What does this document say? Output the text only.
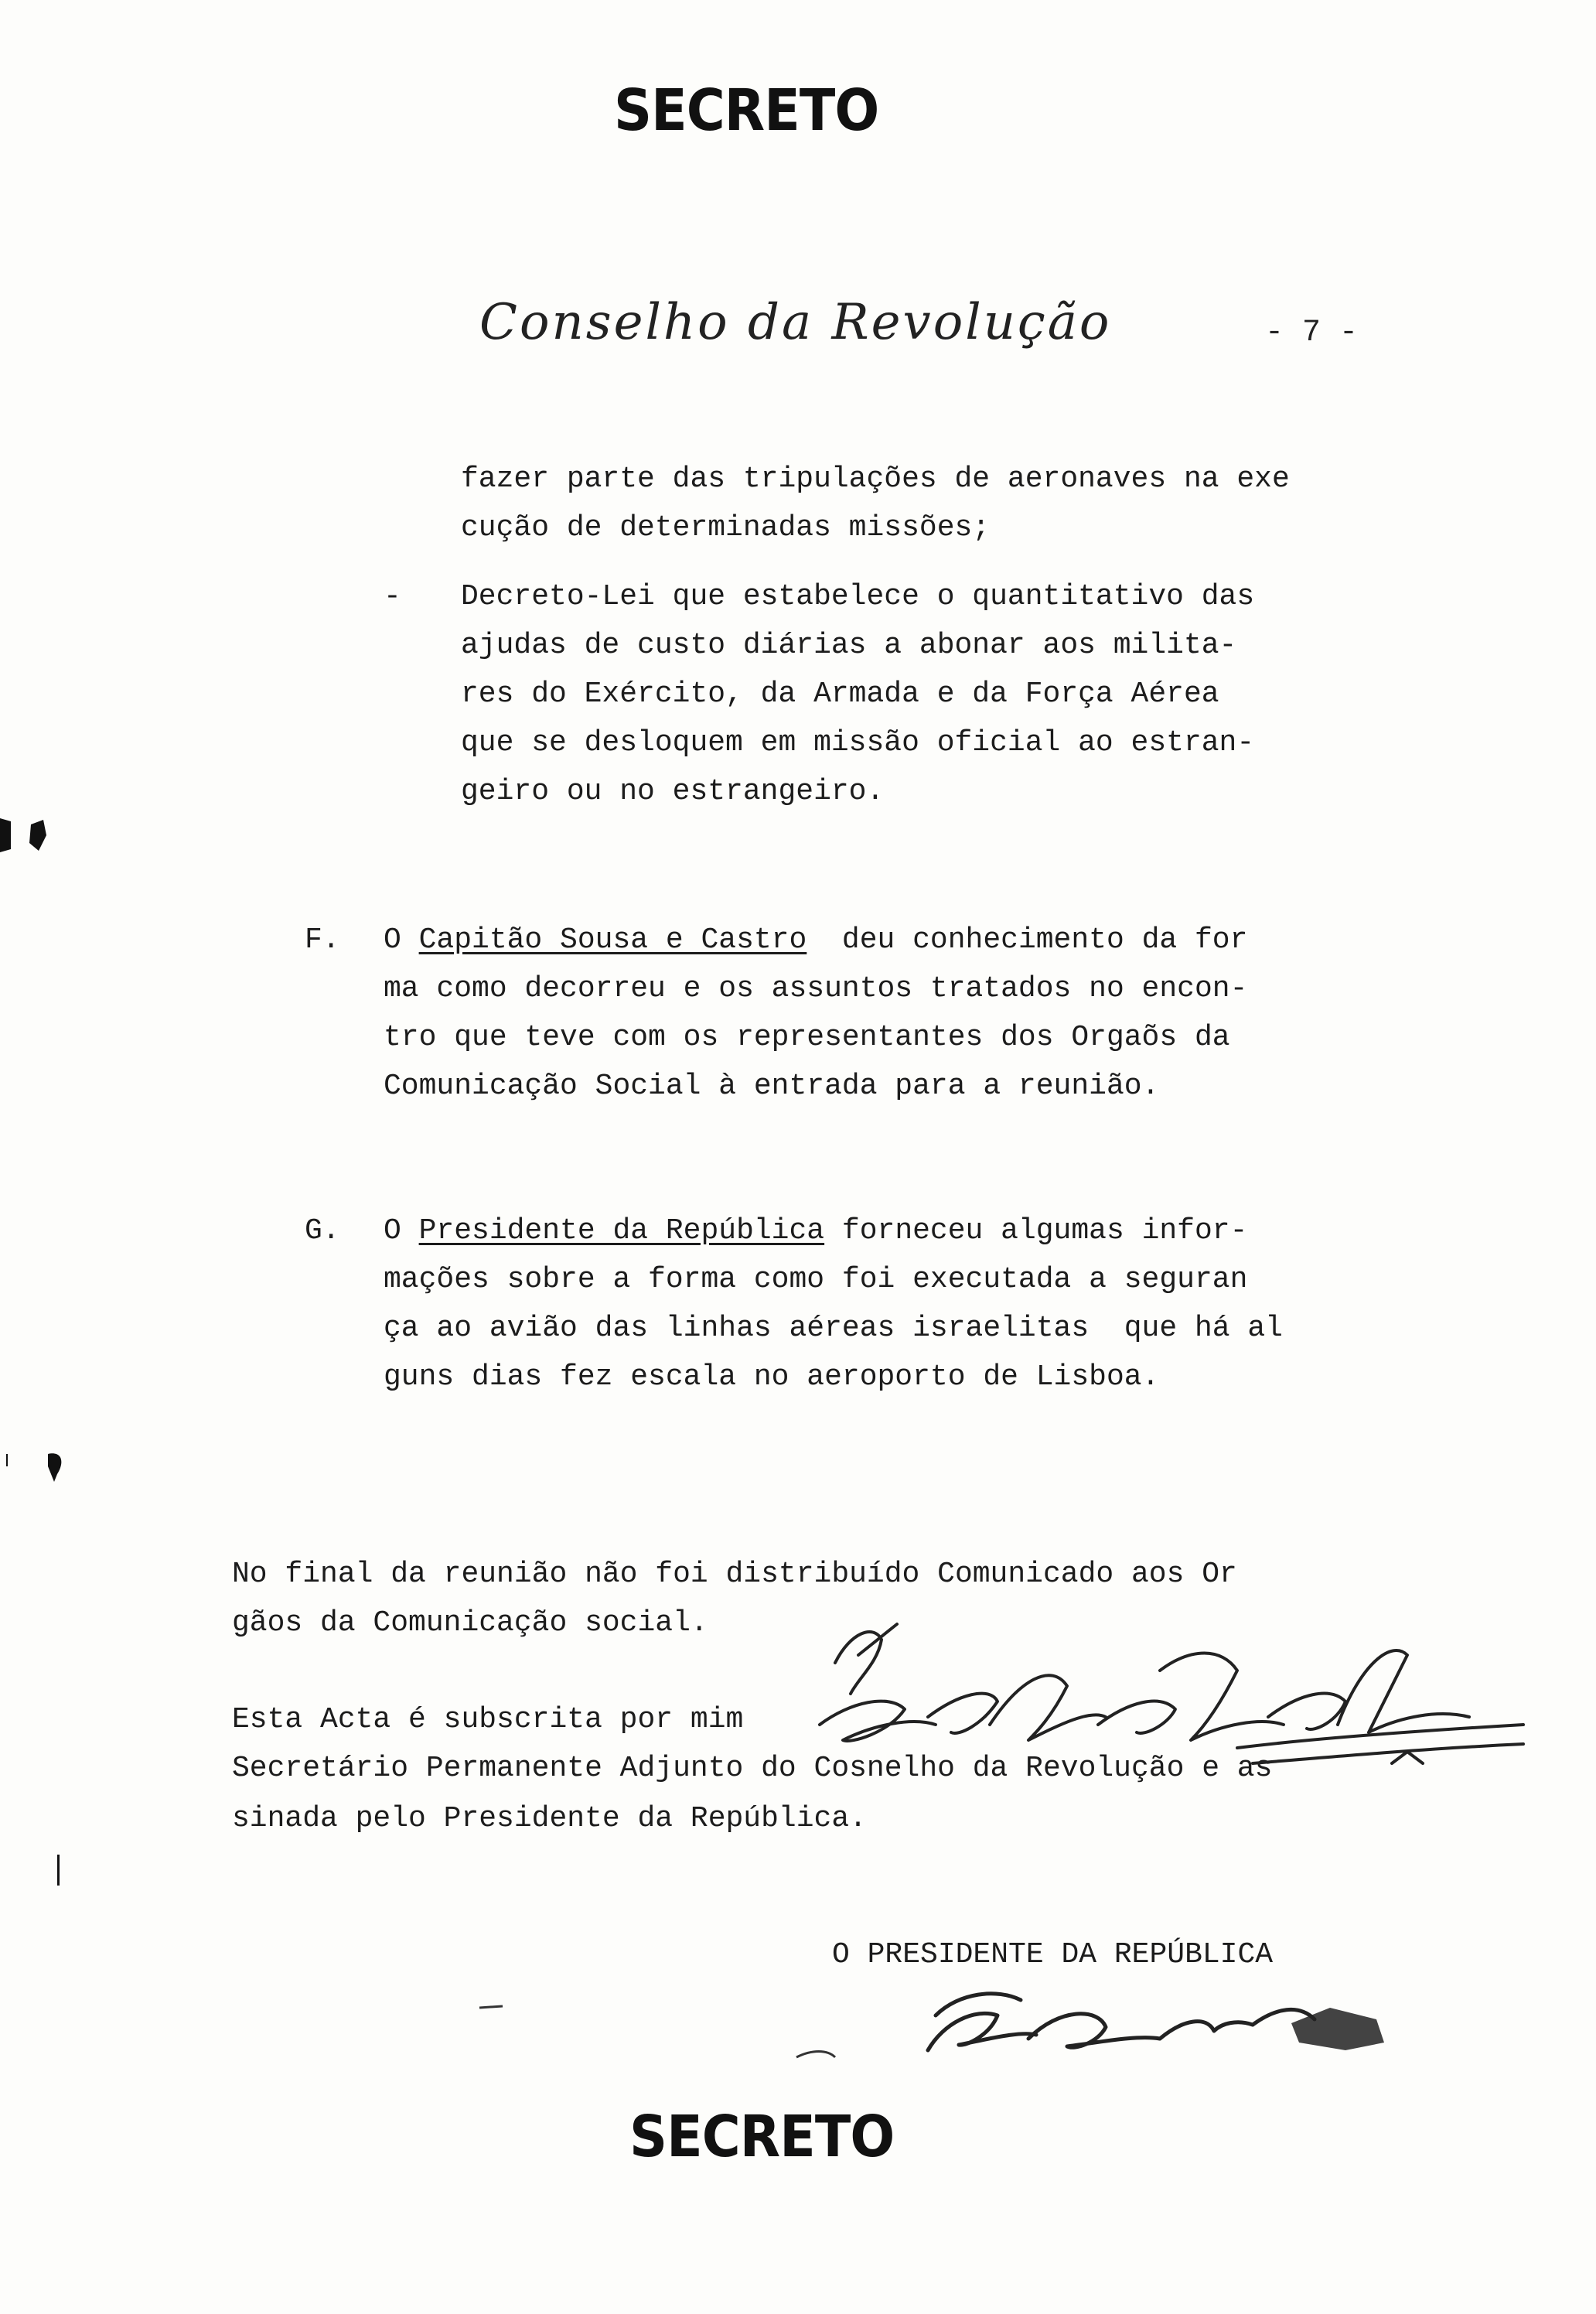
SECRETO
Conselho da Revolução	- 7 -
fazer parte das tripulações de aeronaves na exe
cução de determinadas missões;
- Decreto-Lei que estabelece o quantitativo das
ajudas de custo diárias a abonar aos milita-
res do Exército, da Armada e da Força Aérea
que se desloquem em missão oficial ao estran-
geiro ou no estrangeiro.
F. O Capitão Sousa e Castro  deu conhecimento da for
ma como decorreu e os assuntos tratados no encon-
tro que teve com os representantes dos Orgaõs da
Comunicação Social à entrada para a reunião.
G. O Presidente da República forneceu algumas infor-
mações sobre a forma como foi executada a seguran
ça ao avião das linhas aéreas israelitas  que há al
guns dias fez escala no aeroporto de Lisboa.
No final da reunião não foi distribuído Comunicado aos Or
gãos da Comunicação social.
Esta Acta é subscrita por mim
Secretário Permanente Adjunto do Cosnelho da Revolução e as
sinada pelo Presidente da República.
O PRESIDENTE DA REPÚBLICA
SECRETO
